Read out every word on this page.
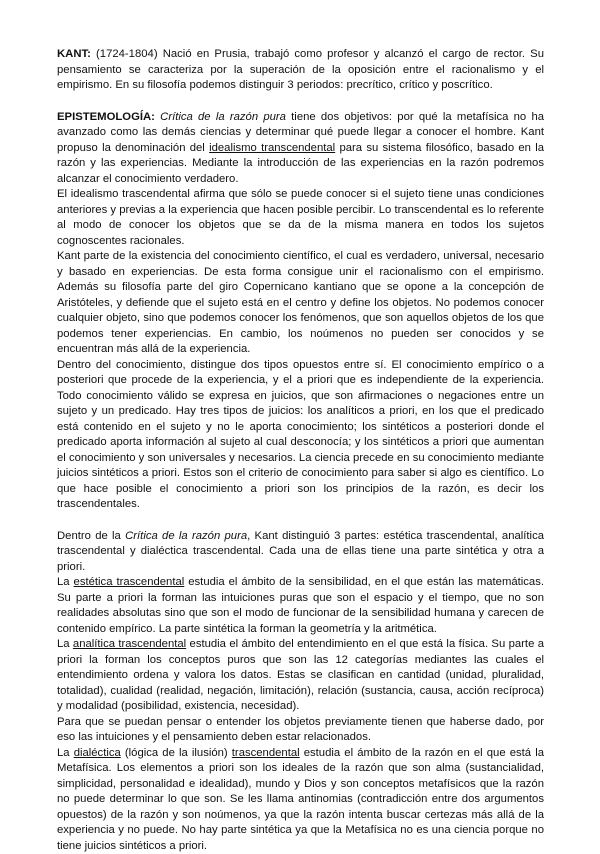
KANT: (1724-1804) Nació en Prusia, trabajó como profesor y alcanzó el cargo de rector. Su pensamiento se caracteriza por la superación de la oposición entre el racionalismo y el empirismo. En su filosofía podemos distinguir 3 periodos: precrítico, crítico y poscrítico.

EPISTEMOLOGÍA: Crítica de la razón pura tiene dos objetivos: por qué la metafísica no ha avanzado como las demás ciencias y determinar qué puede llegar a conocer el hombre. Kant propuso la denominación del idealismo transcendental para su sistema filosófico, basado en la razón y las experiencias. Mediante la introducción de las experiencias en la razón podremos alcanzar el conocimiento verdadero.

El idealismo trascendental afirma que sólo se puede conocer si el sujeto tiene unas condiciones anteriores y previas a la experiencia que hacen posible percibir. Lo transcendental es lo referente al modo de conocer los objetos que se da de la misma manera en todos los sujetos cognoscentes racionales.

Kant parte de la existencia del conocimiento científico, el cual es verdadero, universal, necesario y basado en experiencias. De esta forma consigue unir el racionalismo con el empirismo. Además su filosofía parte del giro Copernicano kantiano que se opone a la concepción de Aristóteles, y defiende que el sujeto está en el centro y define los objetos. No podemos conocer cualquier objeto, sino que podemos conocer los fenómenos, que son aquellos objetos de los que podemos tener experiencias. En cambio, los noúmenos no pueden ser conocidos y se encuentran más allá de la experiencia.

Dentro del conocimiento, distingue dos tipos opuestos entre sí. El conocimiento empírico o a posteriori que procede de la experiencia, y el a priori que es independiente de la experiencia. Todo conocimiento válido se expresa en juicios, que son afirmaciones o negaciones entre un sujeto y un predicado. Hay tres tipos de juicios: los analíticos a priori, en los que el predicado está contenido en el sujeto y no le aporta conocimiento; los sintéticos a posteriori donde el predicado aporta información al sujeto al cual desconocía; y los sintéticos a priori que aumentan el conocimiento y son universales y necesarios. La ciencia precede en su conocimiento mediante juicios sintéticos a priori. Estos son el criterio de conocimiento para saber si algo es científico. Lo que hace posible el conocimiento a priori son los principios de la razón, es decir los trascendentales.

Dentro de la Crítica de la razón pura, Kant distinguió 3 partes: estética trascendental, analítica trascendental y dialéctica trascendental. Cada una de ellas tiene una parte sintética y otra a priori.

La estética trascendental estudia el ámbito de la sensibilidad, en el que están las matemáticas. Su parte a priori la forman las intuiciones puras que son el espacio y el tiempo, que no son realidades absolutas sino que son el modo de funcionar de la sensibilidad humana y carecen de contenido empírico. La parte sintética la forman la geometría y la aritmética.

La analítica trascendental estudia el ámbito del entendimiento en el que está la física. Su parte a priori la forman los conceptos puros que son las 12 categorías mediantes las cuales el entendimiento ordena y valora los datos. Estas se clasifican en cantidad (unidad, pluralidad, totalidad), cualidad (realidad, negación, limitación), relación (sustancia, causa, acción recíproca) y modalidad (posibilidad, existencia, necesidad).

Para que se puedan pensar o entender los objetos previamente tienen que haberse dado, por eso las intuiciones y el pensamiento deben estar relacionados.

La dialéctica (lógica de la ilusión) trascendental estudia el ámbito de la razón en el que está la Metafísica. Los elementos a priori son los ideales de la razón que son alma (sustancialidad, simplicidad, personalidad e idealidad), mundo y Dios y son conceptos metafísicos que la razón no puede determinar lo que son. Se les llama antinomias (contradicción entre dos argumentos opuestos) de la razón y son noúmenos, ya que la razón intenta buscar certezas más allá de la experiencia y no puede. No hay parte sintética ya que la Metafísica no es una ciencia porque no tiene juicios sintéticos a priori.
